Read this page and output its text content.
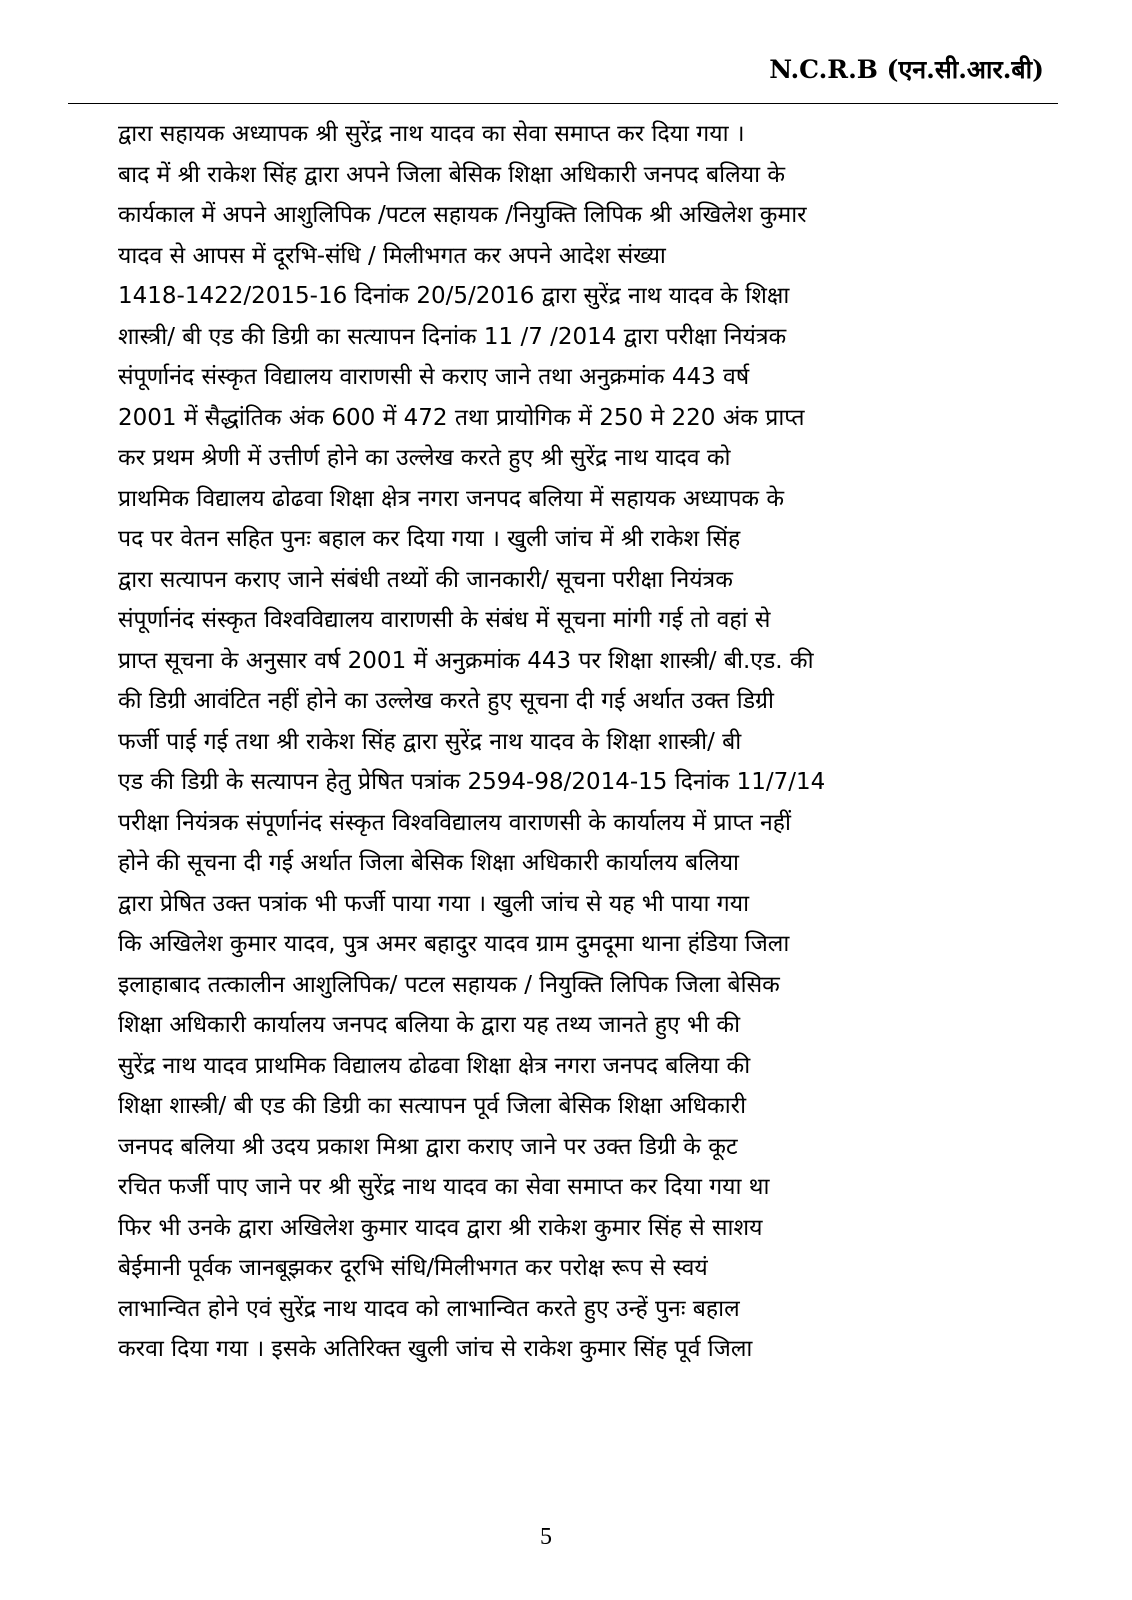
N.C.R.B (एन.सी.आर.बी)
द्वारा सहायक अध्यापक श्री सुरेंद्र नाथ यादव का सेवा समाप्त कर दिया गया ।
बाद में श्री राकेश सिंह द्वारा अपने जिला बेसिक शिक्षा अधिकारी जनपद बलिया के
कार्यकाल में अपने आशुलिपिक /पटल सहायक /नियुक्ति लिपिक श्री अखिलेश कुमार
यादव से आपस में दूरभि-संधि / मिलीभगत कर अपने आदेश संख्या
1418-1422/2015-16 दिनांक 20/5/2016 द्वारा सुरेंद्र नाथ यादव के शिक्षा
शास्त्री/ बी एड की डिग्री का सत्यापन दिनांक 11 /7 /2014 द्वारा परीक्षा नियंत्रक
संपूर्णानंद संस्कृत विद्यालय वाराणसी से कराए जाने तथा अनुक्रमांक 443 वर्ष
2001 में सैद्धांतिक अंक 600 में 472 तथा प्रायोगिक में 250 मे 220 अंक प्राप्त
कर प्रथम श्रेणी में उत्तीर्ण होने का उल्लेख करते हुए श्री सुरेंद्र नाथ यादव को
प्राथमिक विद्यालय ढोढवा शिक्षा क्षेत्र नगरा जनपद बलिया में सहायक अध्यापक के
पद पर वेतन सहित पुनः बहाल कर दिया गया । खुली जांच में श्री राकेश सिंह
द्वारा सत्यापन कराए जाने संबंधी तथ्यों की जानकारी/ सूचना परीक्षा नियंत्रक
संपूर्णानंद संस्कृत विश्वविद्यालय वाराणसी के संबंध में सूचना मांगी गई तो वहां से
प्राप्त सूचना के अनुसार वर्ष 2001 में अनुक्रमांक 443 पर शिक्षा शास्त्री/ बी.एड. की
की डिग्री आवंटित नहीं होने का उल्लेख करते हुए सूचना दी गई अर्थात उक्त डिग्री
फर्जी पाई गई तथा श्री राकेश सिंह द्वारा सुरेंद्र नाथ यादव के शिक्षा शास्त्री/ बी
एड की डिग्री के सत्यापन हेतु प्रेषित पत्रांक 2594-98/2014-15 दिनांक 11/7/14
परीक्षा नियंत्रक संपूर्णानंद संस्कृत विश्वविद्यालय वाराणसी के कार्यालय में प्राप्त नहीं
होने की सूचना दी गई अर्थात जिला बेसिक शिक्षा अधिकारी कार्यालय बलिया
द्वारा प्रेषित उक्त पत्रांक भी फर्जी पाया गया । खुली जांच से यह भी पाया गया
कि अखिलेश कुमार यादव, पुत्र अमर बहादुर यादव ग्राम दुमदूमा थाना हंडिया जिला
इलाहाबाद तत्कालीन आशुलिपिक/ पटल सहायक / नियुक्ति लिपिक जिला बेसिक
शिक्षा अधिकारी कार्यालय जनपद बलिया के द्वारा यह तथ्य जानते हुए भी की
सुरेंद्र नाथ यादव प्राथमिक विद्यालय ढोढवा शिक्षा क्षेत्र नगरा जनपद बलिया की
शिक्षा शास्त्री/ बी एड की डिग्री का सत्यापन पूर्व जिला बेसिक शिक्षा अधिकारी
जनपद बलिया श्री उदय प्रकाश मिश्रा द्वारा कराए जाने पर उक्त डिग्री के कूट
रचित फर्जी पाए जाने पर श्री सुरेंद्र नाथ यादव का सेवा समाप्त कर दिया गया था
फिर भी उनके द्वारा अखिलेश कुमार यादव द्वारा श्री राकेश कुमार सिंह से साशय
बेईमानी पूर्वक जानबूझकर दूरभि संधि/मिलीभगत कर परोक्ष रूप से स्वयं
लाभान्वित होने एवं सुरेंद्र नाथ यादव को लाभान्वित करते हुए उन्हें पुनः बहाल
करवा दिया गया । इसके अतिरिक्त खुली जांच से राकेश कुमार सिंह पूर्व जिला
5
